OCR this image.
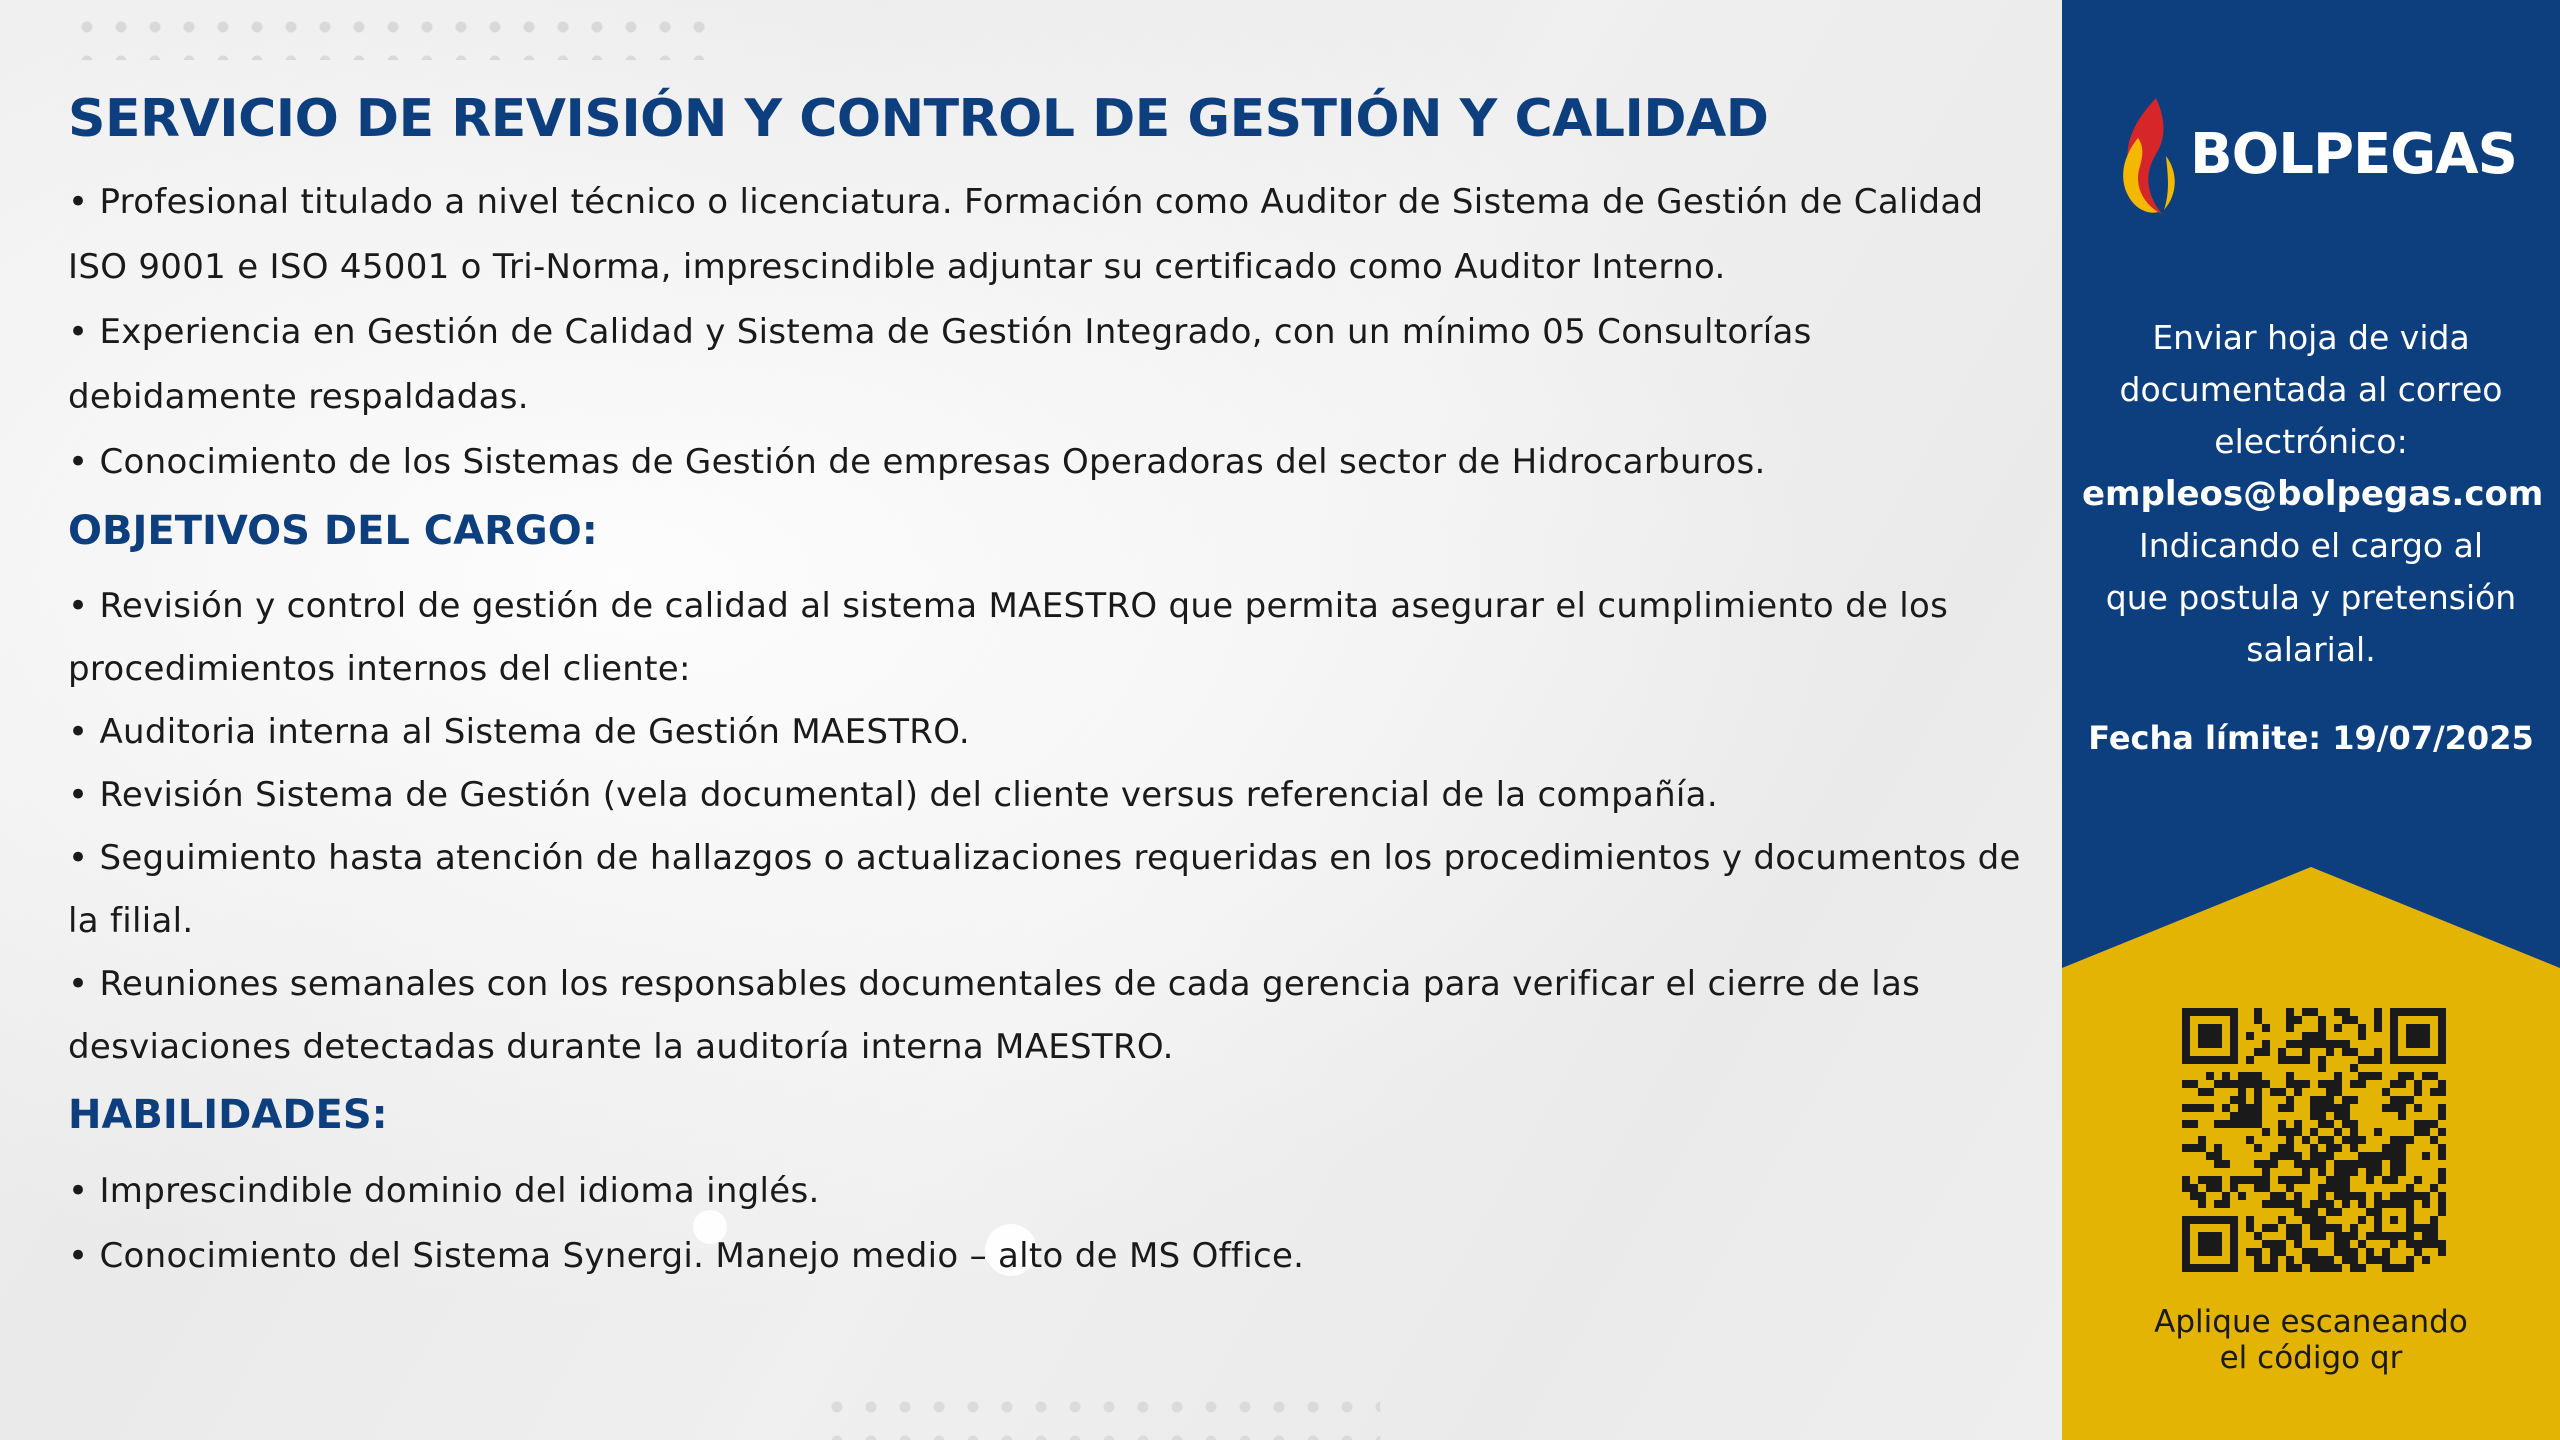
SERVICIO DE REVISIÓN Y CONTROL DE GESTIÓN Y CALIDAD

• Profesional titulado a nivel técnico o licenciatura. Formación como Auditor de Sistema de Gestión de Calidad ISO 9001 e ISO 45001 o Tri-Norma, imprescindible adjuntar su certificado como Auditor Interno.

• Experiencia en Gestión de Calidad y Sistema de Gestión Integrado, con un mínimo 05 Consultorías debidamente respaldadas.

• Conocimiento de los Sistemas de Gestión de empresas Operadoras del sector de Hidrocarburos.

OBJETIVOS DEL CARGO:

• Revisión y control de gestión de calidad al sistema MAESTRO que permita asegurar el cumplimiento de los procedimientos internos del cliente:

• Auditoria interna al Sistema de Gestión MAESTRO.

• Revisión Sistema de Gestión (vela documental) del cliente versus referencial de la compañía.

• Seguimiento hasta atención de hallazgos o actualizaciones requeridas en los procedimientos y documentos de la filial.

• Reuniones semanales con los responsables documentales de cada gerencia para verificar el cierre de las desviaciones detectadas durante la auditoría interna MAESTRO.

HABILIDADES:

• Imprescindible dominio del idioma inglés.

• Conocimiento del Sistema Synergi. Manejo medio – alto de MS Office.

BOLPEGAS
Enviar hoja de vida
documentada al correo
electrónico:
empleos@bolpegas.com
Indicando el cargo al
que postula y pretensión
salarial.
Fecha límite: 19/07/2025
Aplique escaneando
el código qr
